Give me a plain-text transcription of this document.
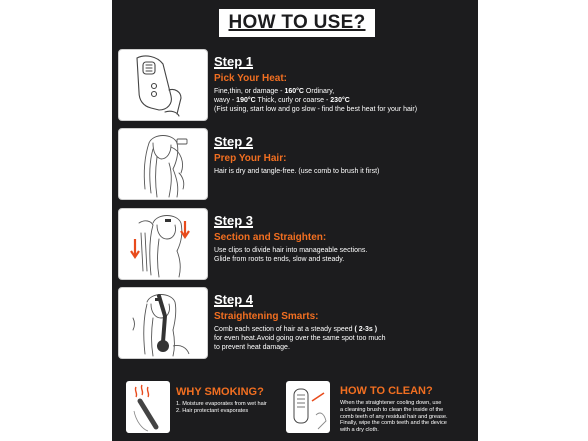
HOW TO USE?
Step 1
Pick Your Heat:
Fine,thin, or damage - 160°C Ordinary,
wavy - 190°C Thick, curly or coarse - 230°C
(Fist using, start low and go slow - find the best heat for your hair)
Step 2
Prep Your Hair:
Hair is dry and tangle-free. (use comb to brush it first)
Step 3
Section and Straighten:
Use clips to divide hair into manageable sections.
Glide from roots to ends, slow and steady.
Step 4
Straightening Smarts:
Comb each section of hair at a steady speed ( 2-3s )
for even heat.Avoid going over the same spot too much
to prevent heat damage.
WHY SMOKING?
1. Moisture evaporates from wet hair
2. Hair protectant evaporates
HOW TO CLEAN?
When the straightener cooling down, use
a cleaning brush to clean the inside of the
comb teeth of any residual hair and grease.
Finally, wipe the comb teeth and the device
with a dry cloth.
